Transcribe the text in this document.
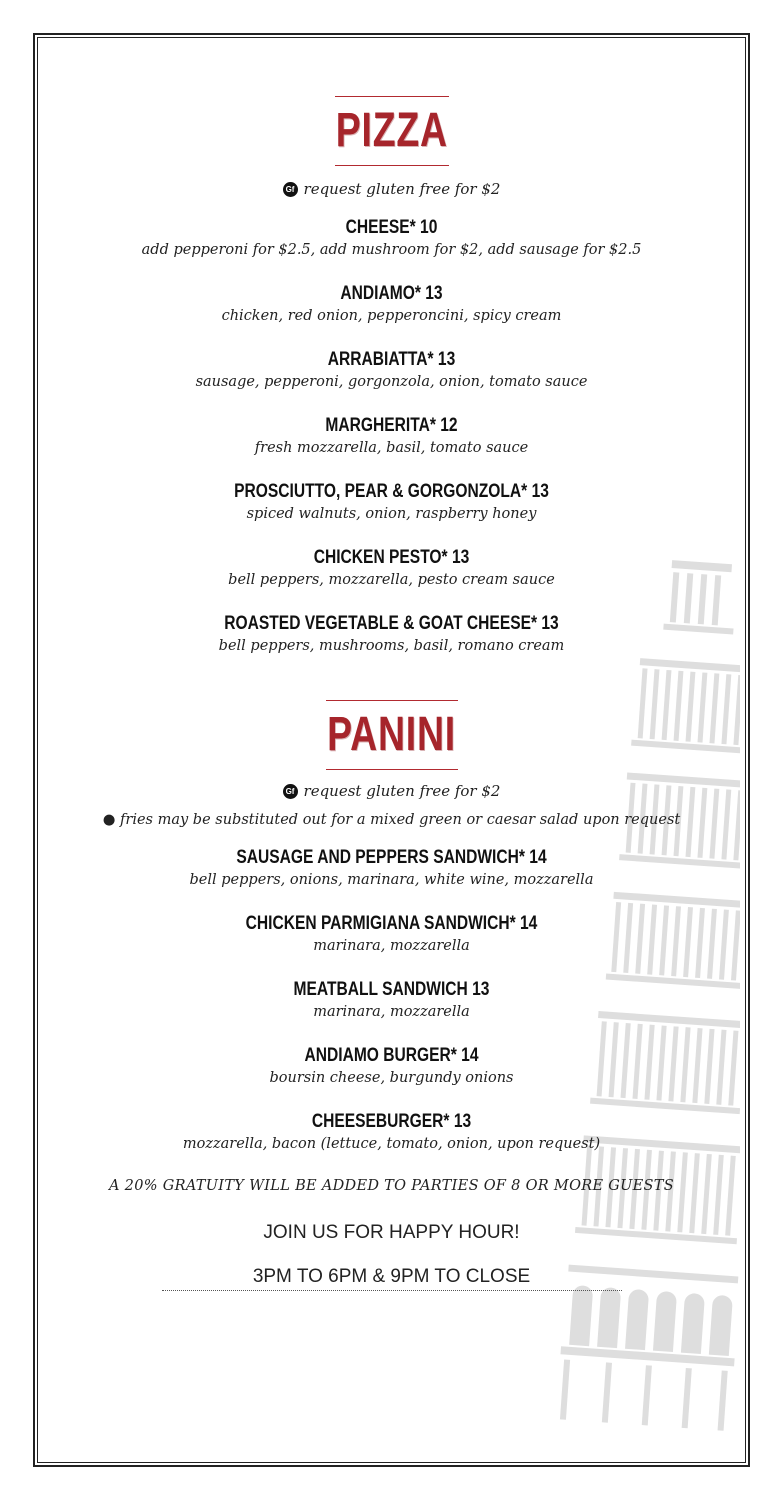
PIZZA
Gf request gluten free for $2
CHEESE* 10
add pepperoni for $2.5, add mushroom for $2, add sausage for $2.5
ANDIAMO* 13
chicken, red onion, pepperoncini, spicy cream
ARRABIATTA* 13
sausage, pepperoni, gorgonzola, onion, tomato sauce
MARGHERITA* 12
fresh mozzarella, basil, tomato sauce
PROSCIUTTO, PEAR & GORGONZOLA* 13
spiced walnuts, onion, raspberry honey
CHICKEN PESTO* 13
bell peppers, mozzarella, pesto cream sauce
ROASTED VEGETABLE & GOAT CHEESE* 13
bell peppers, mushrooms, basil, romano cream
PANINI
Gf request gluten free for $2
● fries may be substituted out for a mixed green or caesar salad upon request
SAUSAGE AND PEPPERS SANDWICH* 14
bell peppers, onions, marinara, white wine, mozzarella
CHICKEN PARMIGIANA SANDWICH* 14
marinara, mozzarella
MEATBALL SANDWICH 13
marinara, mozzarella
ANDIAMO BURGER* 14
boursin cheese, burgundy onions
CHEESEBURGER* 13
mozzarella, bacon (lettuce, tomato, onion, upon request)
A 20% GRATUITY WILL BE ADDED TO PARTIES OF 8 OR MORE GUESTS
JOIN US FOR HAPPY HOUR!
3PM TO 6PM & 9PM TO CLOSE
